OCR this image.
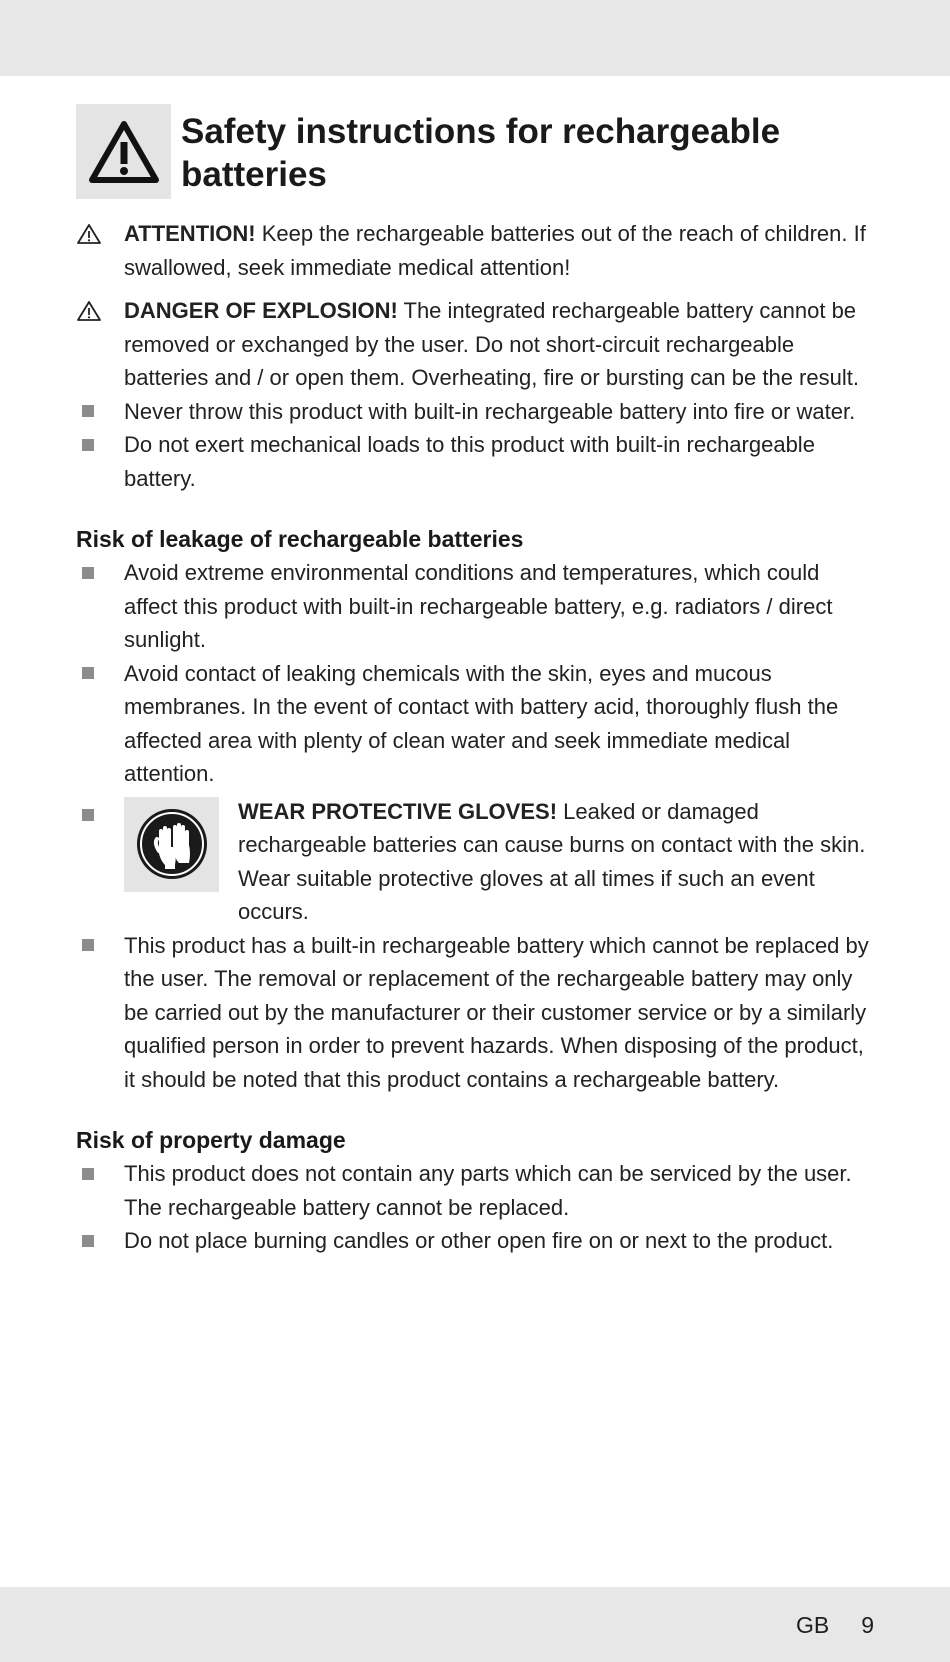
Safety instructions for rechargeable batteries
ATTENTION! Keep the rechargeable batteries out of the reach of children. If swallowed, seek immediate medical attention!
DANGER OF EXPLOSION! The integrated rechargeable battery cannot be removed or exchanged by the user. Do not short-circuit rechargeable batteries and / or open them. Overheating, fire or bursting can be the result.
Never throw this product with built-in rechargeable battery into fire or water.
Do not exert mechanical loads to this product with built-in rechargeable battery.
Risk of leakage of rechargeable batteries
Avoid extreme environmental conditions and temperatures, which could affect this product with built-in rechargeable battery, e.g. radiators / direct sunlight.
Avoid contact of leaking chemicals with the skin, eyes and mucous membranes. In the event of contact with battery acid, thoroughly flush the affected area with plenty of clean water and seek immediate medical attention.
WEAR PROTECTIVE GLOVES! Leaked or damaged rechargeable batteries can cause burns on contact with the skin. Wear suitable protective gloves at all times if such an event occurs.
This product has a built-in rechargeable battery which cannot be replaced by the user. The removal or replacement of the rechargeable battery may only be carried out by the manufacturer or their customer service or by a similarly qualified person in order to prevent hazards. When disposing of the product, it should be noted that this product contains a rechargeable battery.
Risk of property damage
This product does not contain any parts which can be serviced by the user. The rechargeable battery cannot be replaced.
Do not place burning candles or other open fire on or next to the product.
GB 9
